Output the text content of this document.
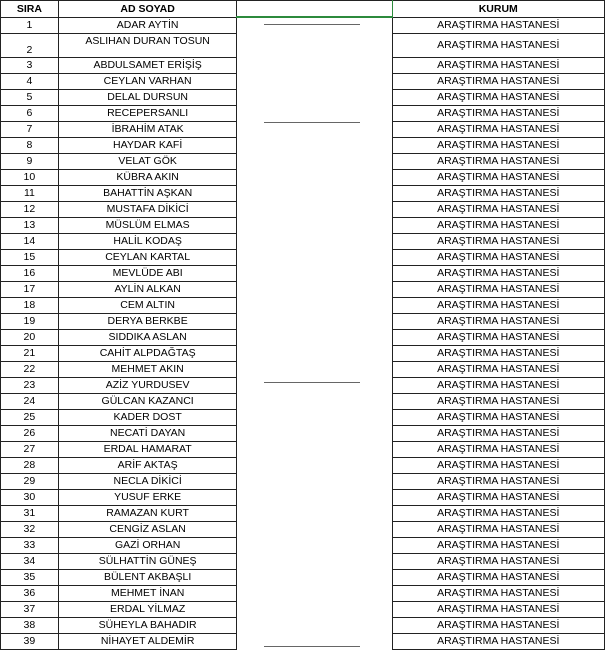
SIRA	AD SOYAD		KURUM
1	ADAR AYTİN		ARAŞTIRMA HASTANESİ
2	ASLIHAN DURAN TOSUN		ARAŞTIRMA HASTANESİ
3	ABDULSAMET ERİŞİŞ		ARAŞTIRMA HASTANESİ
4	CEYLAN VARHAN		ARAŞTIRMA HASTANESİ
5	DELAL DURSUN		ARAŞTIRMA HASTANESİ
6	RECEPERSANLI		ARAŞTIRMA HASTANESİ
7	İBRAHİM ATAK		ARAŞTIRMA HASTANESİ
8	HAYDAR KAFİ		ARAŞTIRMA HASTANESİ
9	VELAT GÖK		ARAŞTIRMA HASTANESİ
10	KÜBRA AKIN		ARAŞTIRMA HASTANESİ
11	BAHATTİN AŞKAN		ARAŞTIRMA HASTANESİ
12	MUSTAFA DİKİCİ		ARAŞTIRMA HASTANESİ
13	MÜSLÜM ELMAS		ARAŞTIRMA HASTANESİ
14	HALİL KODAŞ		ARAŞTIRMA HASTANESİ
15	CEYLAN KARTAL		ARAŞTIRMA HASTANESİ
16	MEVLÜDE ABI		ARAŞTIRMA HASTANESİ
17	AYLİN ALKAN		ARAŞTIRMA HASTANESİ
18	CEM ALTIN		ARAŞTIRMA HASTANESİ
19	DERYA BERKBE		ARAŞTIRMA HASTANESİ
20	SIDDIKA ASLAN		ARAŞTIRMA HASTANESİ
21	CAHİT ALPDAĞTAŞ		ARAŞTIRMA HASTANESİ
22	MEHMET AKIN		ARAŞTIRMA HASTANESİ
23	AZİZ YURDUSEV		ARAŞTIRMA HASTANESİ
24	GÜLCAN KAZANCI		ARAŞTIRMA HASTANESİ
25	KADER DOST		ARAŞTIRMA HASTANESİ
26	NECATİ DAYAN		ARAŞTIRMA HASTANESİ
27	ERDAL HAMARAT		ARAŞTIRMA HASTANESİ
28	ARİF AKTAŞ		ARAŞTIRMA HASTANESİ
29	NECLA DİKİCİ		ARAŞTIRMA HASTANESİ
30	YUSUF ERKE		ARAŞTIRMA HASTANESİ
31	RAMAZAN KURT		ARAŞTIRMA HASTANESİ
32	CENGİZ ASLAN		ARAŞTIRMA HASTANESİ
33	GAZİ ORHAN		ARAŞTIRMA HASTANESİ
34	SÜLHATTİN GÜNEŞ		ARAŞTIRMA HASTANESİ
35	BÜLENT AKBAŞLI		ARAŞTIRMA HASTANESİ
36	MEHMET İNAN		ARAŞTIRMA HASTANESİ
37	ERDAL YİLMAZ		ARAŞTIRMA HASTANESİ
38	SÜHEYLA BAHADIR		ARAŞTIRMA HASTANESİ
39	NİHAYET ALDEMİR		ARAŞTIRMA HASTANESİ
